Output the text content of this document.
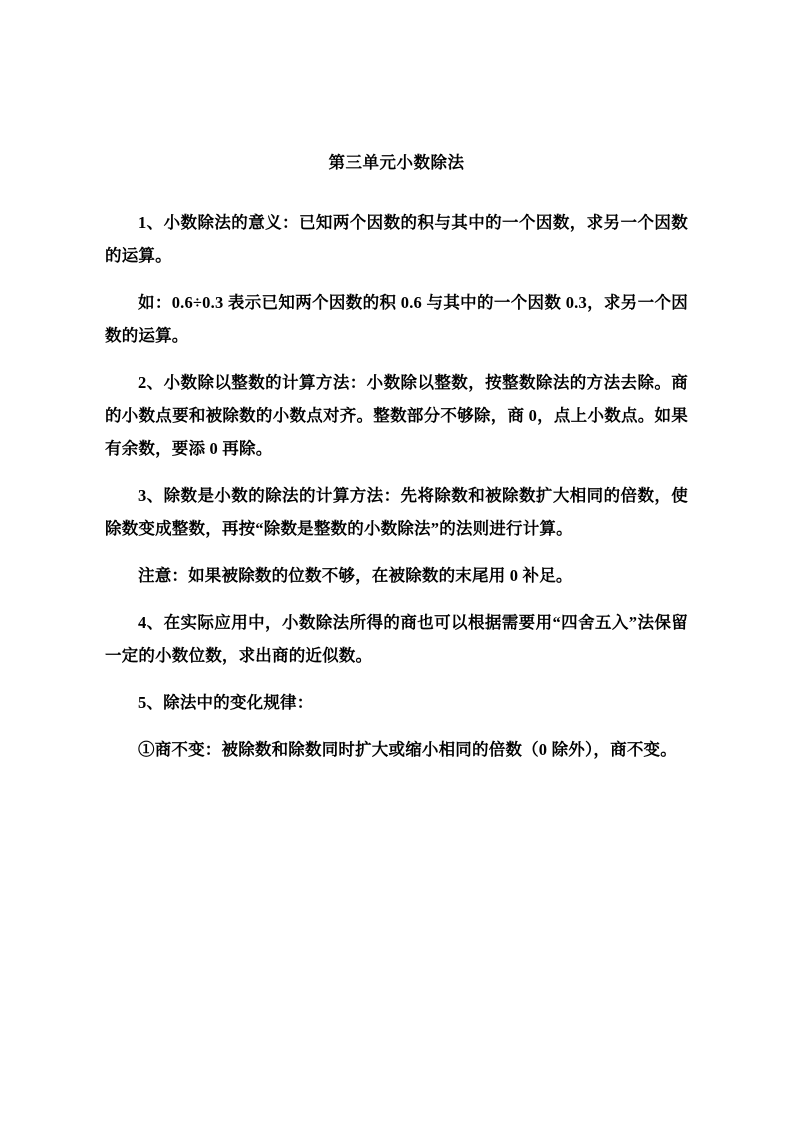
第三单元小数除法

1、小数除法的意义：已知两个因数的积与其中的一个因数，求另一个因数的运算。

如：0.6÷0.3 表示已知两个因数的积 0.6 与其中的一个因数 0.3，求另一个因数的运算。

2、小数除以整数的计算方法：小数除以整数，按整数除法的方法去除。商的小数点要和被除数的小数点对齐。整数部分不够除，商 0，点上小数点。如果有余数，要添 0 再除。

3、除数是小数的除法的计算方法：先将除数和被除数扩大相同的倍数，使除数变成整数，再按“除数是整数的小数除法”的法则进行计算。

注意：如果被除数的位数不够，在被除数的末尾用 0 补足。

4、在实际应用中，小数除法所得的商也可以根据需要用“四舍五入”法保留一定的小数位数，求出商的近似数。

5、除法中的变化规律：

①商不变：被除数和除数同时扩大或缩小相同的倍数（0 除外），商不变。
